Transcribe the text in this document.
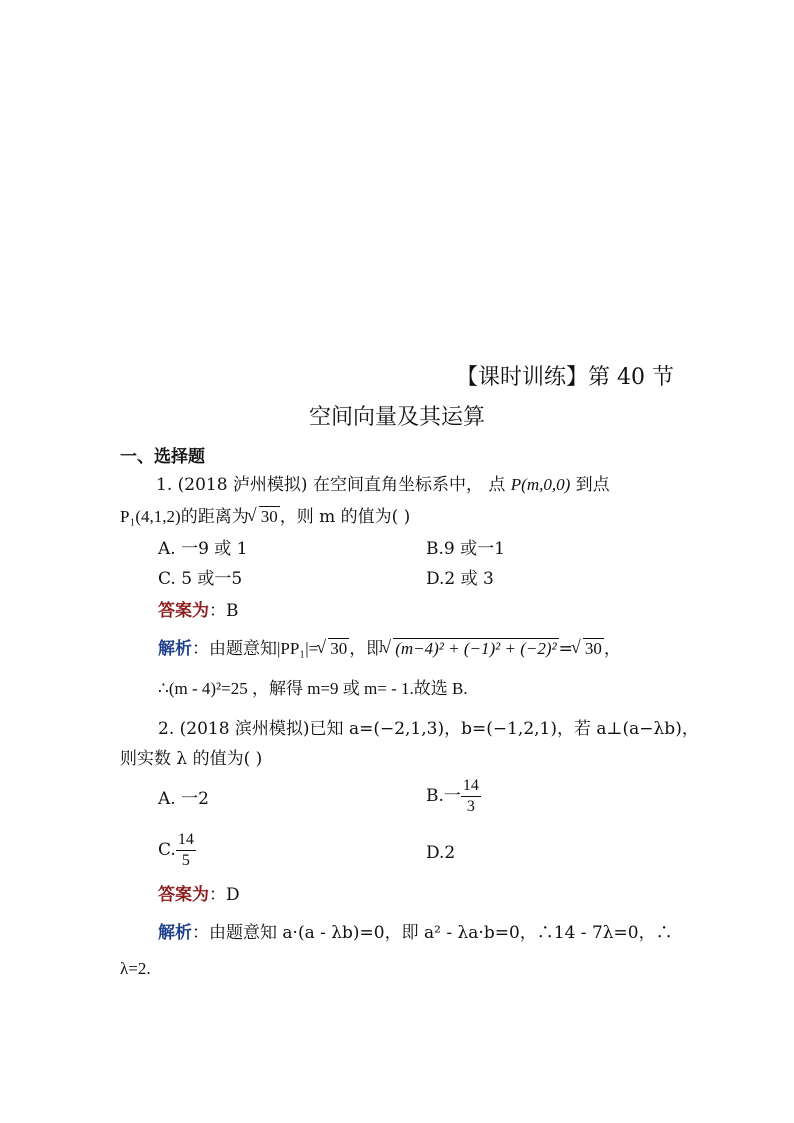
【课时训练】第 40 节
空间向量及其运算
一、选择题
1. (2018 泸州模拟) 在空间直角坐标系中， 点 P(m,0,0) 到点
P₁(4,1,2)的距离为 √ 30 ，则 m 的值为( )
A. 一9 或 1	B.9 或一1
C. 5 或一5	D.2 或 3
答案为：B
解析：由题意知|PP₁|= √ 30 ，即 √ (m−4)² + (−1)² + (−2)² = √ 30 ，
∴(m - 4)²=25 ，解得 m=9 或 m= - 1.故选 B.
2. (2018 滨州模拟)已知 a=(−2,1,3)，b=(−1,2,1)，若 a⊥(a−λb)，
则实数 λ 的值为( )
A. 一2	B.一 $\frac{14}{3}$
C. $\frac{14}{5}$	D.2
答案为：D
解析：由题意知 a·(a - λb)=0，即 a² - λa·b=0，∴14 - 7λ=0，∴
λ=2.
